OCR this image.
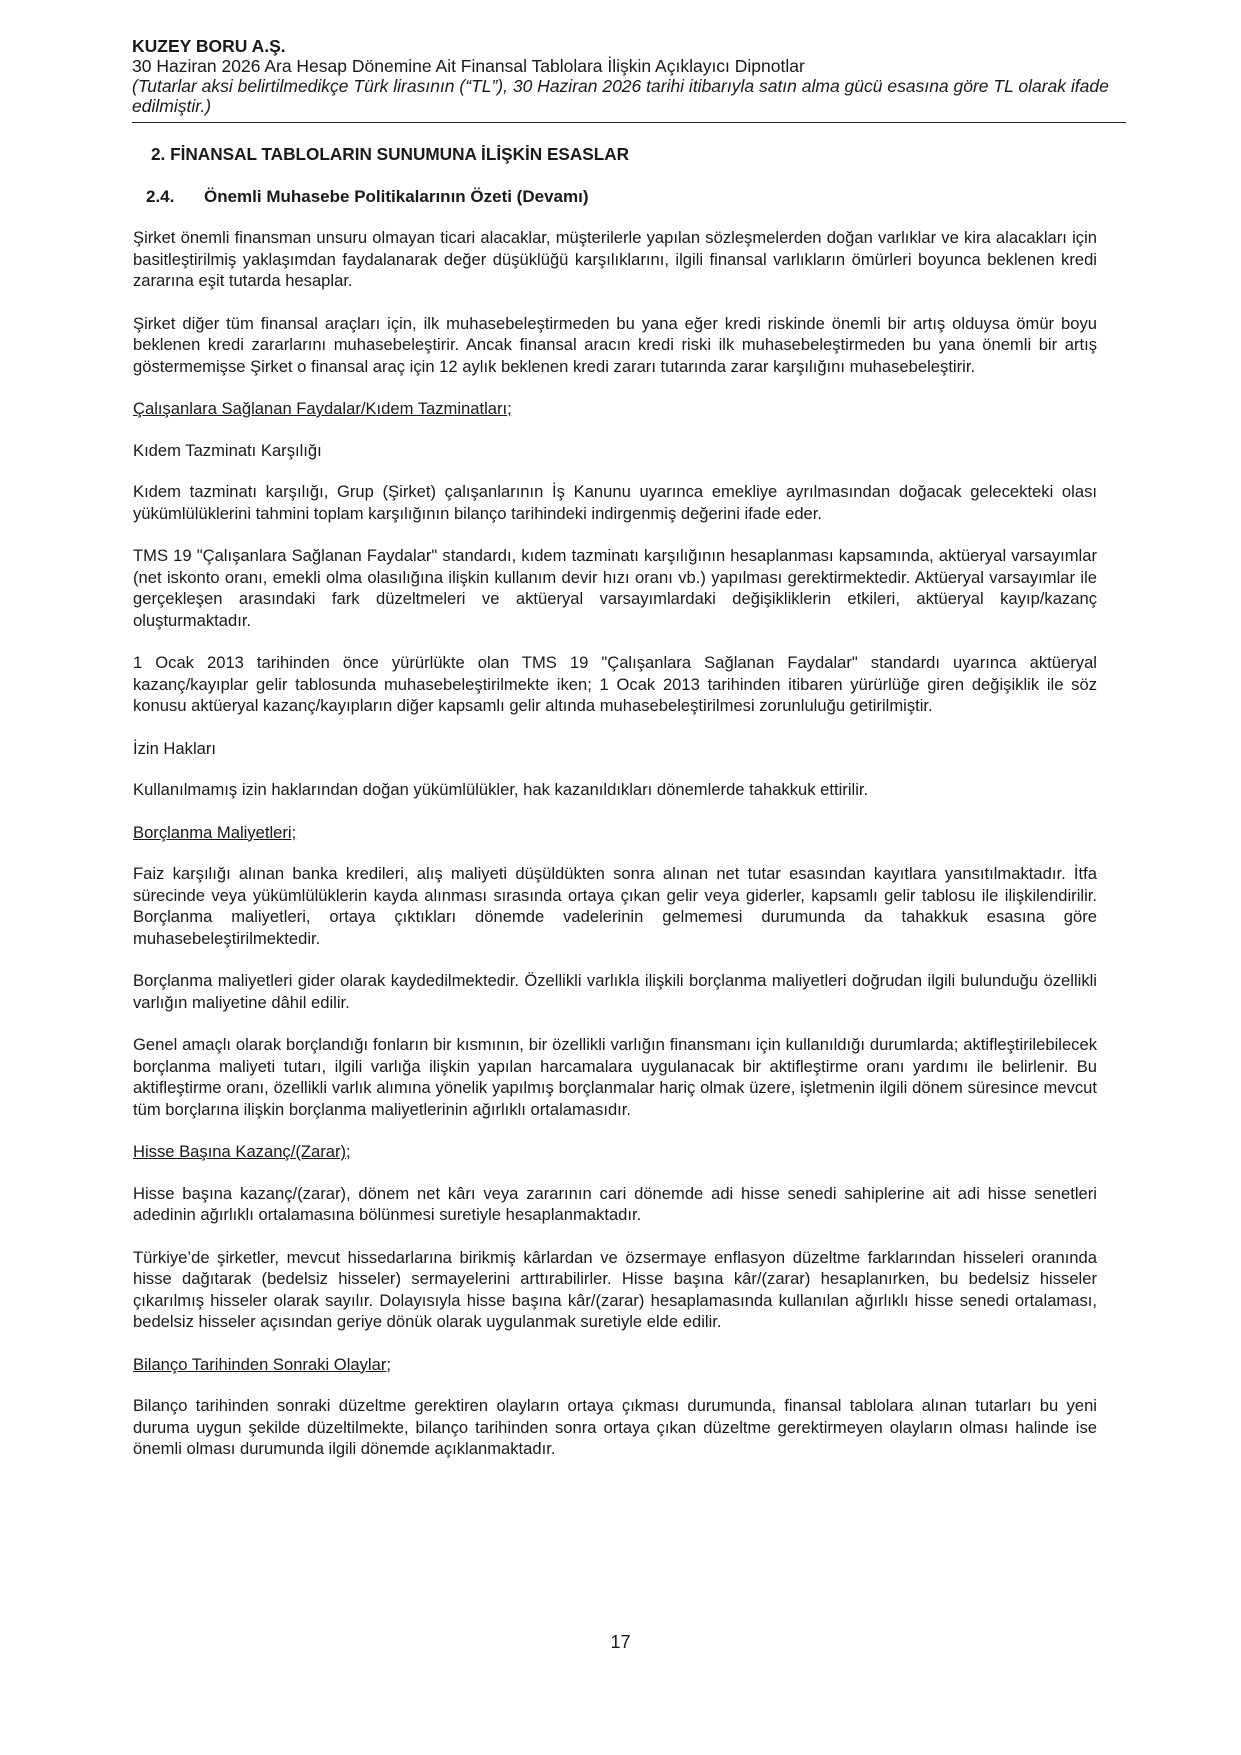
KUZEY BORU A.Ş.
30 Haziran 2026 Ara Hesap Dönemine Ait Finansal Tablolara İlişkin Açıklayıcı Dipnotlar
(Tutarlar aksi belirtilmedikçe Türk lirasının (“TL”), 30 Haziran 2026 tarihi itibarıyla satın alma gücü esasına göre TL olarak ifade edilmiştir.)
2. FİNANSAL TABLOLARIN SUNUMUNA İLİŞKİN ESASLAR
2.4. Önemli Muhasebe Politikalarının Özeti (Devamı)

Şirket önemli finansman unsuru olmayan ticari alacaklar, müşterilerle yapılan sözleşmelerden doğan varlıklar ve kira alacakları için basitleştirilmiş yaklaşımdan faydalanarak değer düşüklüğü karşılıklarını, ilgili finansal varlıkların ömürleri boyunca beklenen kredi zararına eşit tutarda hesaplar.

Şirket diğer tüm finansal araçları için, ilk muhasebeleştirmeden bu yana eğer kredi riskinde önemli bir artış olduysa ömür boyu beklenen kredi zararlarını muhasebeleştirir. Ancak finansal aracın kredi riski ilk muhasebeleştirmeden bu yana önemli bir artış göstermemişse Şirket o finansal araç için 12 aylık beklenen kredi zararı tutarında zarar karşılığını muhasebeleştirir.

Çalışanlara Sağlanan Faydalar/Kıdem Tazminatları;

Kıdem Tazminatı Karşılığı

Kıdem tazminatı karşılığı, Grup (Şirket) çalışanlarının İş Kanunu uyarınca emekliye ayrılmasından doğacak gelecekteki olası yükümlülüklerini tahmini toplam karşılığının bilanço tarihindeki indirgenmiş değerini ifade eder.

TMS 19 "Çalışanlara Sağlanan Faydalar" standardı, kıdem tazminatı karşılığının hesaplanması kapsamında, aktüeryal varsayımlar (net iskonto oranı, emekli olma olasılığına ilişkin kullanım devir hızı oranı vb.) yapılması gerektirmektedir. Aktüeryal varsayımlar ile gerçekleşen arasındaki fark düzeltmeleri ve aktüeryal varsayımlardaki değişikliklerin etkileri, aktüeryal kayıp/kazanç oluşturmaktadır.

1 Ocak 2013 tarihinden önce yürürlükte olan TMS 19 "Çalışanlara Sağlanan Faydalar" standardı uyarınca aktüeryal kazanç/kayıplar gelir tablosunda muhasebeleştirilmekte iken; 1 Ocak 2013 tarihinden itibaren yürürlüğe giren değişiklik ile söz konusu aktüeryal kazanç/kayıpların diğer kapsamlı gelir altında muhasebeleştirilmesi zorunluluğu getirilmiştir.

İzin Hakları

Kullanılmamış izin haklarından doğan yükümlülükler, hak kazanıldıkları dönemlerde tahakkuk ettirilir.

Borçlanma Maliyetleri;

Faiz karşılığı alınan banka kredileri, alış maliyeti düşüldükten sonra alınan net tutar esasından kayıtlara yansıtılmaktadır. İtfa sürecinde veya yükümlülüklerin kayda alınması sırasında ortaya çıkan gelir veya giderler, kapsamlı gelir tablosu ile ilişkilendirilir. Borçlanma maliyetleri, ortaya çıktıkları dönemde vadelerinin gelmemesi durumunda da tahakkuk esasına göre muhasebeleştirilmektedir.

Borçlanma maliyetleri gider olarak kaydedilmektedir. Özellikli varlıkla ilişkili borçlanma maliyetleri doğrudan ilgili bulunduğu özellikli varlığın maliyetine dâhil edilir.

Genel amaçlı olarak borçlandığı fonların bir kısmının, bir özellikli varlığın finansmanı için kullanıldığı durumlarda; aktifleştirilebilecek borçlanma maliyeti tutarı, ilgili varlığa ilişkin yapılan harcamalara uygulanacak bir aktifleştirme oranı yardımı ile belirlenir. Bu aktifleştirme oranı, özellikli varlık alımına yönelik yapılmış borçlanmalar hariç olmak üzere, işletmenin ilgili dönem süresince mevcut tüm borçlarına ilişkin borçlanma maliyetlerinin ağırlıklı ortalamasıdır.

Hisse Başına Kazanç/(Zarar);

Hisse başına kazanç/(zarar), dönem net kârı veya zararının cari dönemde adi hisse senedi sahiplerine ait adi hisse senetleri adedinin ağırlıklı ortalamasına bölünmesi suretiyle hesaplanmaktadır.

Türkiye’de şirketler, mevcut hissedarlarına birikmiş kârlardan ve özsermaye enflasyon düzeltme farklarından hisseleri oranında hisse dağıtarak (bedelsiz hisseler) sermayelerini arttırabilirler. Hisse başına kâr/(zarar) hesaplanırken, bu bedelsiz hisseler çıkarılmış hisseler olarak sayılır. Dolayısıyla hisse başına kâr/(zarar) hesaplamasında kullanılan ağırlıklı hisse senedi ortalaması, bedelsiz hisseler açısından geriye dönük olarak uygulanmak suretiyle elde edilir.

Bilanço Tarihinden Sonraki Olaylar;

Bilanço tarihinden sonraki düzeltme gerektiren olayların ortaya çıkması durumunda, finansal tablolara alınan tutarları bu yeni duruma uygun şekilde düzeltilmekte, bilanço tarihinden sonra ortaya çıkan düzeltme gerektirmeyen olayların olması halinde ise önemli olması durumunda ilgili dönemde açıklanmaktadır.

17
